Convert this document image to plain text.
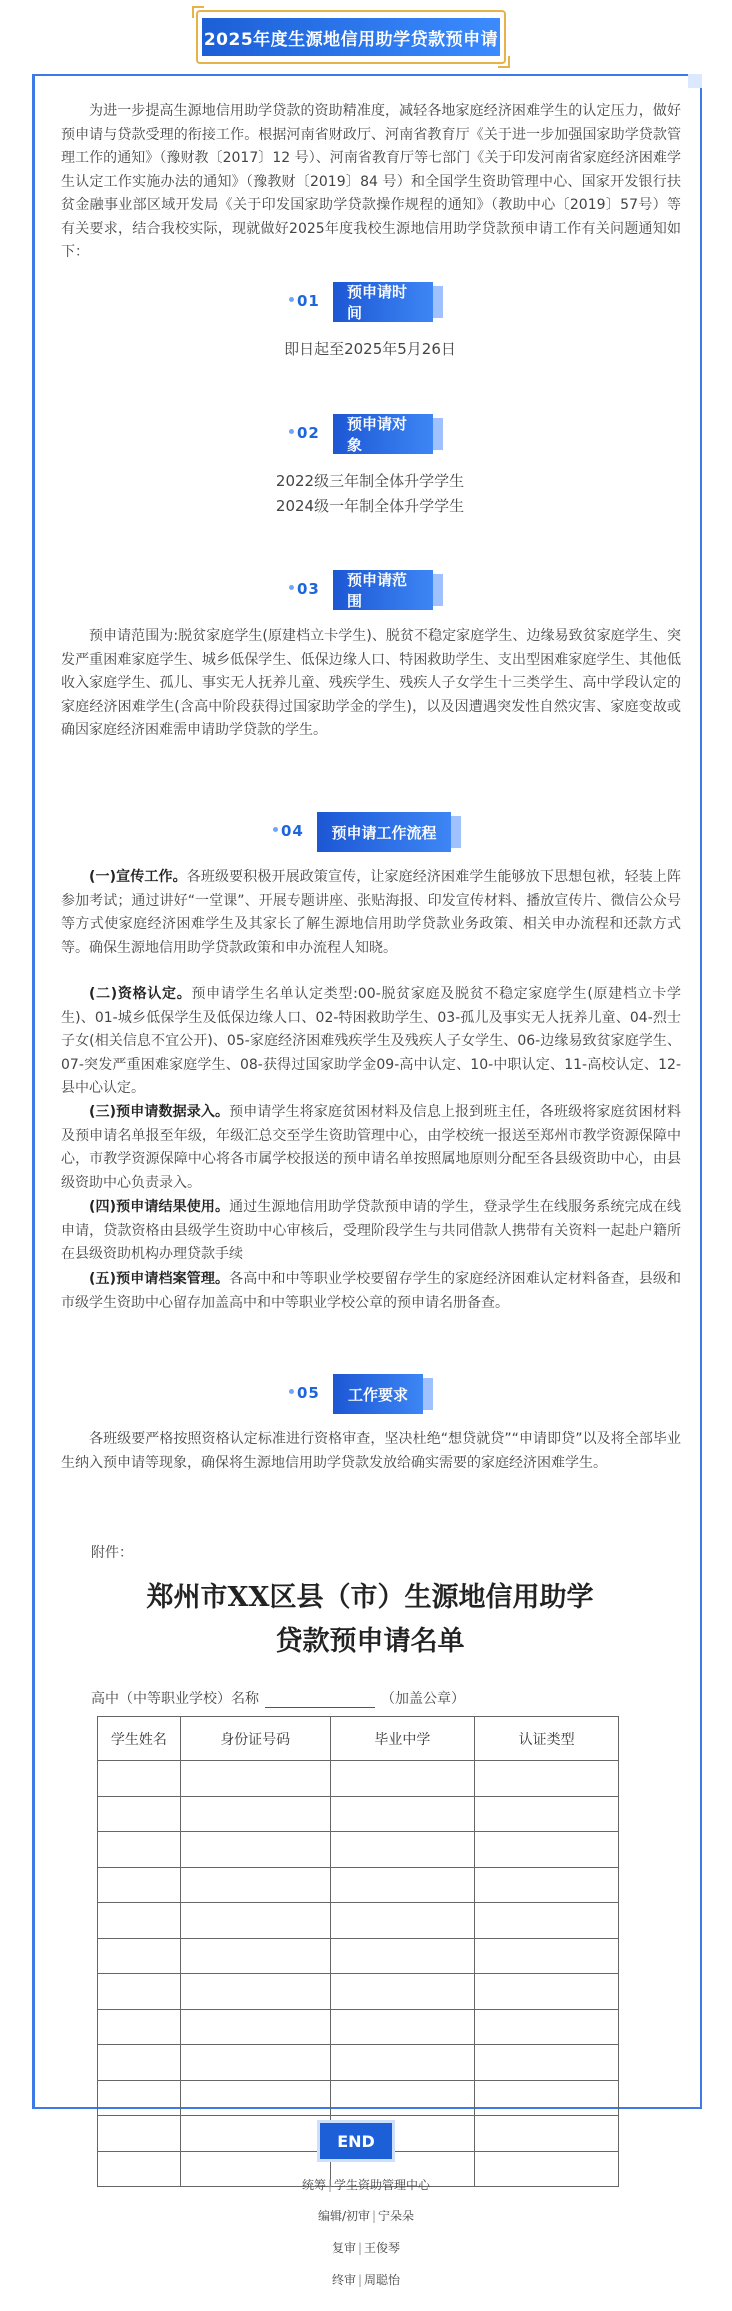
2025年度生源地信用助学贷款预申请

为进一步提高生源地信用助学贷款的资助精准度，减轻各地家庭经济困难学生的认定压力，做好预申请与贷款受理的衔接工作。根据河南省财政厅、河南省教育厅《关于进一步加强国家助学贷款管理工作的通知》（豫财教〔2017〕12 号）、河南省教育厅等七部门《关于印发河南省家庭经济困难学生认定工作实施办法的通知》（豫教财〔2019〕84 号）和全国学生资助管理中心、国家开发银行扶贫金融事业部区域开发局《关于印发国家助学贷款操作规程的通知》（教助中心〔2019〕57号）等有关要求，结合我校实际，现就做好2025年度我校生源地信用助学贷款预申请工作有关问题通知如下：

01	预申请时间
即日起至2025年5月26日
02	预申请对象
2022级三年制全体升学学生
2024级一年制全体升学学生
03	预申请范围

预申请范围为:脱贫家庭学生(原建档立卡学生)、脱贫不稳定家庭学生、边缘易致贫家庭学生、突发严重困难家庭学生、城乡低保学生、低保边缘人口、特困救助学生、支出型困难家庭学生、其他低收入家庭学生、孤儿、事实无人抚养儿童、残疾学生、残疾人子女学生十三类学生、高中学段认定的家庭经济困难学生(含高中阶段获得过国家助学金的学生)，以及因遭遇突发性自然灾害、家庭变故或确因家庭经济困难需申请助学贷款的学生。

04	预申请工作流程

(一)宣传工作。各班级要积极开展政策宣传，让家庭经济困难学生能够放下思想包袱，轻装上阵参加考试；通过讲好“一堂课”、开展专题讲座、张贴海报、印发宣传材料、播放宣传片、微信公众号等方式使家庭经济困难学生及其家长了解生源地信用助学贷款业务政策、相关申办流程和还款方式等。确保生源地信用助学贷款政策和申办流程人知晓。

(二)资格认定。预申请学生名单认定类型:00-脱贫家庭及脱贫不稳定家庭学生(原建档立卡学生)、01-城乡低保学生及低保边缘人口、02-特困救助学生、03-孤儿及事实无人抚养儿童、04-烈士子女(相关信息不宜公开)、05-家庭经济困难残疾学生及残疾人子女学生、06-边缘易致贫家庭学生、07-突发严重困难家庭学生、08-获得过国家助学金09-高中认定、10-中职认定、11-高校认定、12-县中心认定。

(三)预申请数据录入。预申请学生将家庭贫困材料及信息上报到班主任，各班级将家庭贫困材料及预申请名单报至年级，年级汇总交至学生资助管理中心，由学校统一报送至郑州市教学资源保障中心，市教学资源保障中心将各市属学校报送的预申请名单按照属地原则分配至各县级资助中心，由县级资助中心负责录入。

(四)预申请结果使用。通过生源地信用助学贷款预申请的学生，登录学生在线服务系统完成在线申请，贷款资格由县级学生资助中心审核后，受理阶段学生与共同借款人携带有关资料一起赴户籍所在县级资助机构办理贷款手续

(五)预申请档案管理。各高中和中等职业学校要留存学生的家庭经济困难认定材料备查，县级和市级学生资助中心留存加盖高中和中等职业学校公章的预申请名册备查。

05	工作要求

各班级要严格按照资格认定标准进行资格审查，坚决杜绝“想贷就贷”“申请即贷”以及将全部毕业生纳入预申请等现象，确保将生源地信用助学贷款发放给确实需要的家庭经济困难学生。

附件：
郑州市XX区县（市）生源地信用助学
贷款预申请名单
高中（中等职业学校）名称	（加盖公章）
学生姓名	身份证号码	毕业中学	认证类型

END
统筹 | 学生资助管理中心
编辑/初审 | 宁朵朵
复审 | 王俊琴
终审 | 周聪怡
